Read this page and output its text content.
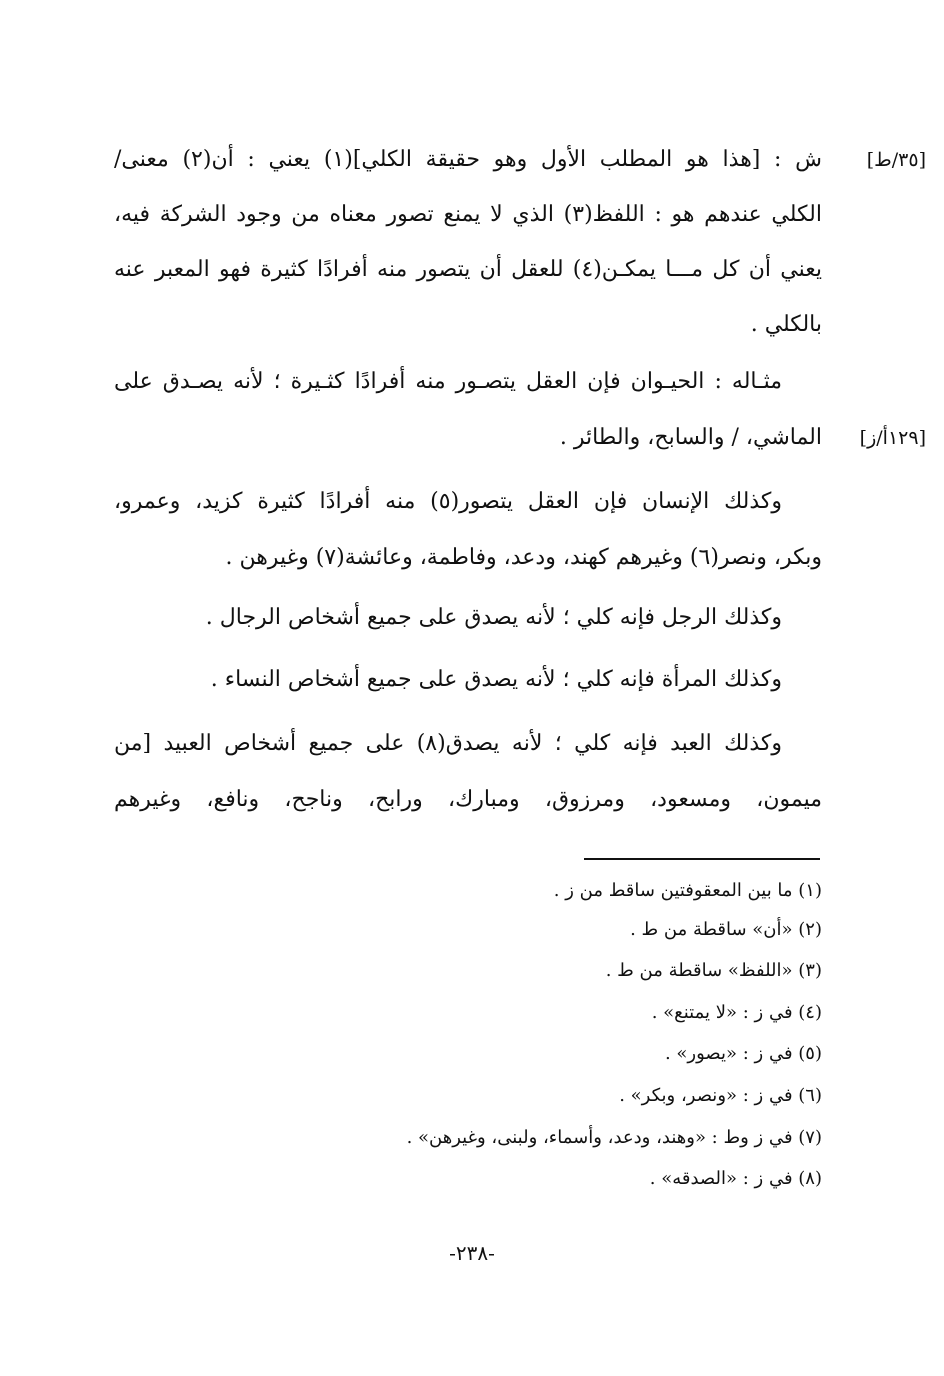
[٣٥/ط]
[١٢٩أ/ز]
ش : [هذا هو المطلب الأول وهو حقيقة الكلي](١) يعني : أن(٢) معنى/
الكلي عندهم هو : اللفظ(٣) الذي لا يمنع تصور معناه من وجود الشركة فيه،
يعني أن كل مـــا يمكـن(٤) للعقل أن يتصور منه أفرادًا كثيرة فهو المعبر عنه
بالكلي .
مثـاله : الحيـوان فإن العقل يتصـور منه أفرادًا كثـيرة ؛ لأنه يصـدق على
الماشي، / والسابح، والطائر .
وكذلك الإنسان فإن العقل يتصور(٥) منه أفرادًا كثيرة كزيد، وعمرو،
وبكر، ونصر(٦) وغيرهم كهند، ودعد، وفاطمة، وعائشة(٧) وغيرهن .
وكذلك الرجل فإنه كلي ؛ لأنه يصدق على جميع أشخاص الرجال .
وكذلك المرأة فإنه كلي ؛ لأنه يصدق على جميع أشخاص النساء .
وكذلك العبد فإنه كلي ؛ لأنه يصدق(٨) على جميع أشخاص العبيد [من
ميمون، ومسعود، ومرزوق، ومبارك، ورابح، وناجح، ونافع، وغيرهم
(١) ما بين المعقوفتين ساقط من ز .
(٢) «أن» ساقطة من ط .
(٣) «اللفظ» ساقطة من ط .
(٤) في ز : «لا يمتنع» .
(٥) في ز : «يصور» .
(٦) في ز : «ونصر، وبكر» .
(٧) في ز وط : «وهند، ودعد، وأسماء، ولبنى، وغيرهن» .
(٨) في ز : «الصدقه» .
-٢٣٨-
